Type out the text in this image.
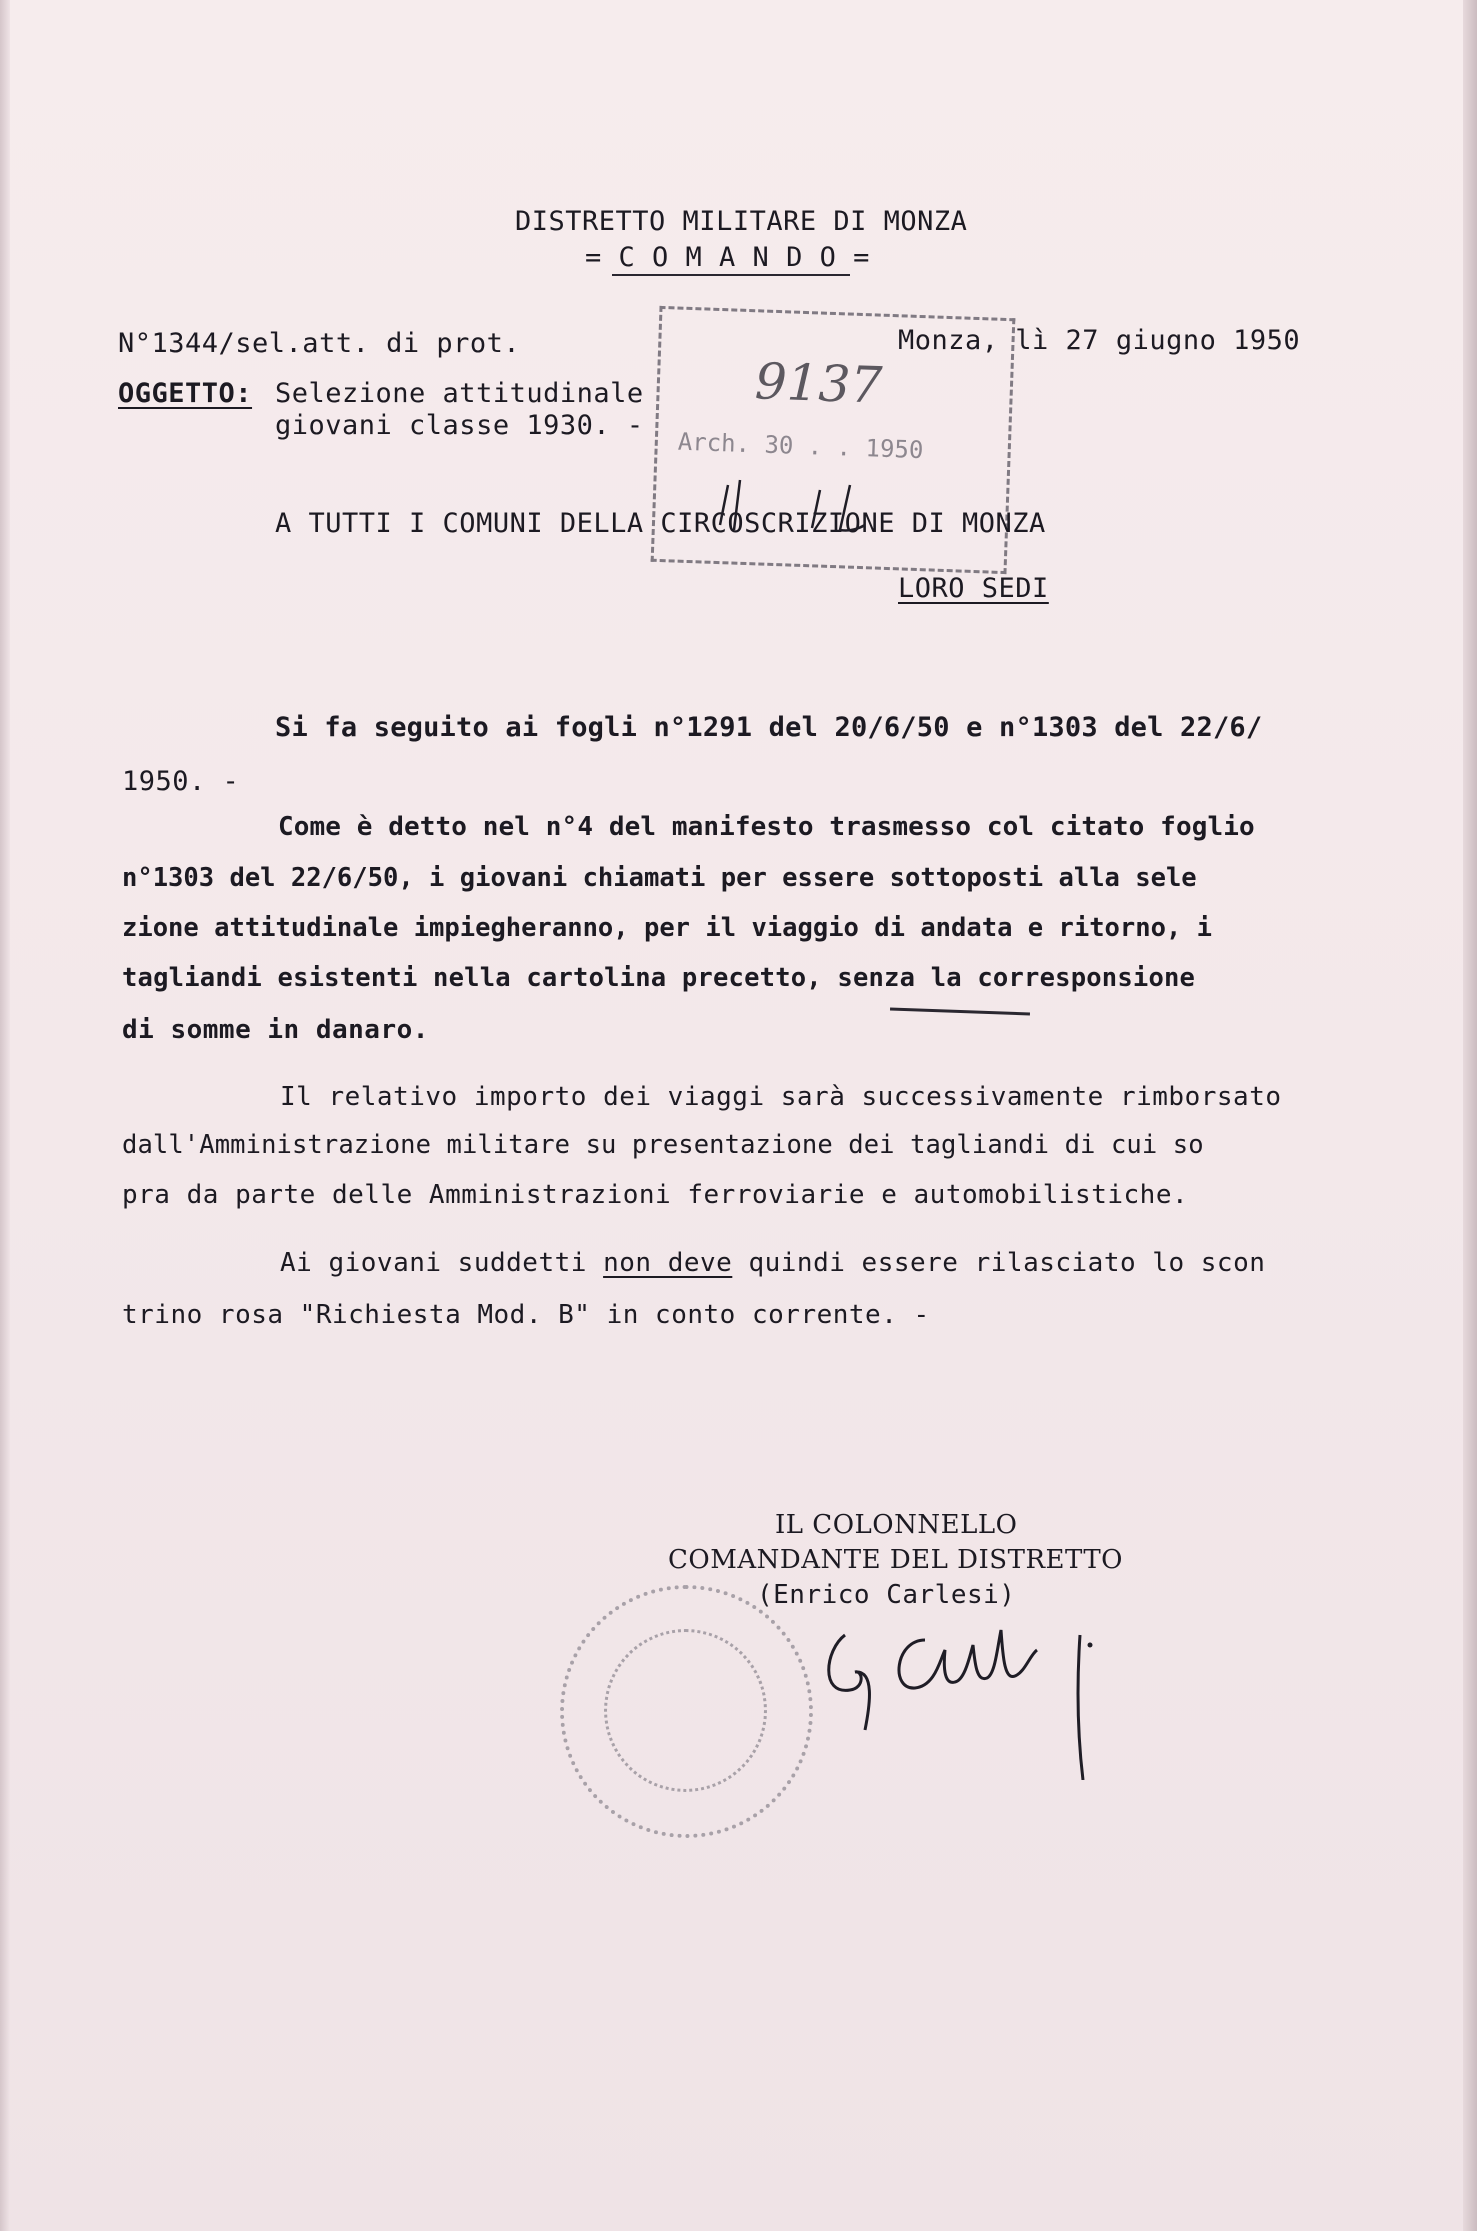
DISTRETTO MILITARE DI MONZA
= C O M A N D O =
N°1344/sel.att. di prot.	Monza, lì 27 giugno 1950
OGGETTO: Selezione attitudinale
giovani classe 1930. -
9137
Arch. 30 . . 1950
A TUTTI I COMUNI DELLA CIRCOSCRIZIONE DI MONZA
LORO SEDI
Si fa seguito ai fogli n°1291 del 20/6/50 e n°1303 del 22/6/
1950. -
Come è detto nel n°4 del manifesto trasmesso col citato foglio
n°1303 del 22/6/50, i giovani chiamati per essere sottoposti alla sele
zione attitudinale impiegheranno, per il viaggio di andata e ritorno, i
tagliandi esistenti nella cartolina precetto, senza la corresponsione
di somme in danaro.
Il relativo importo dei viaggi sarà successivamente rimborsato
dall'Amministrazione militare su presentazione dei tagliandi di cui so
pra da parte delle Amministrazioni ferroviarie e automobilistiche.
Ai giovani suddetti non deve quindi essere rilasciato lo scon
trino rosa "Richiesta Mod. B" in conto corrente. -
IL COLONNELLO
COMANDANTE DEL DISTRETTO
(Enrico Carlesi)
